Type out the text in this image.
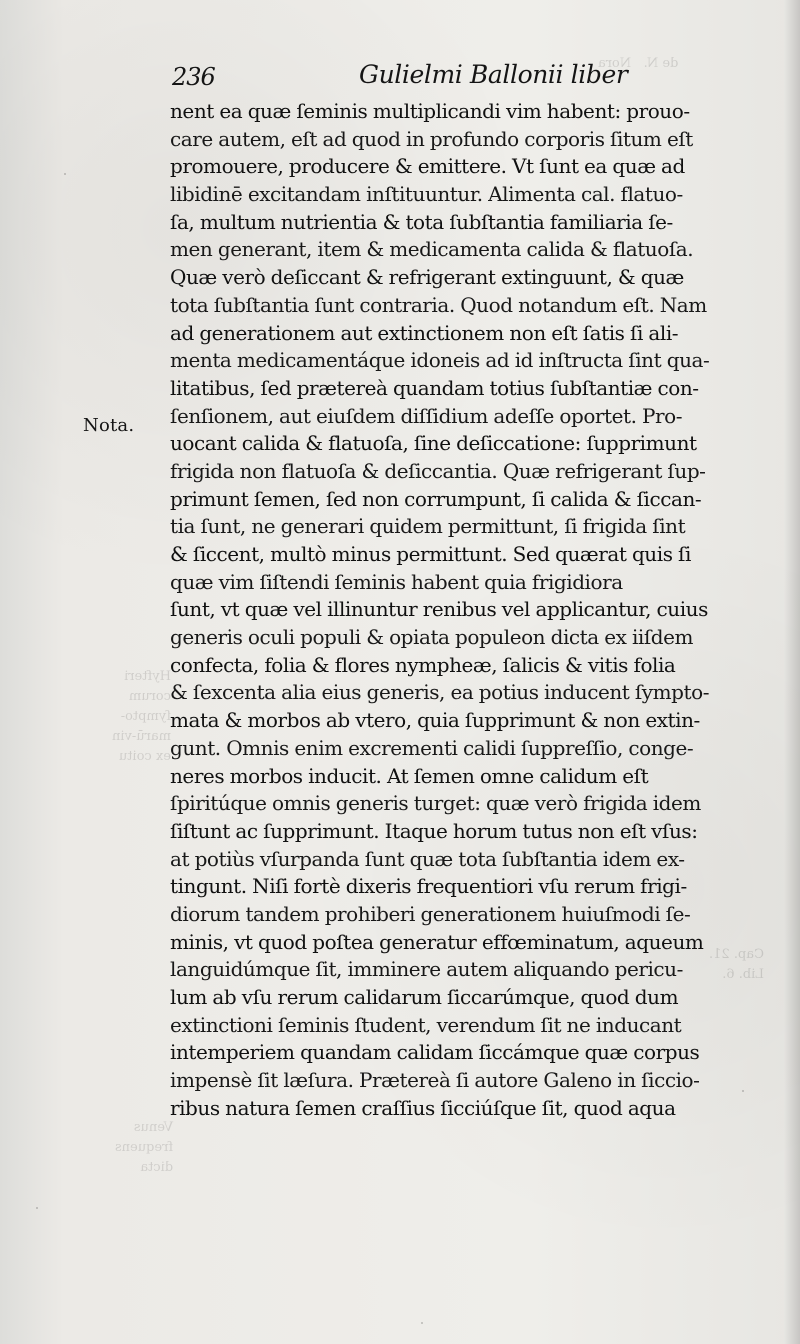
de N.   Nora
Hyfteri
corum
ſympto-
marū-vin
ex coitu
Cap. 21.
Lib. 6.
Venus
frequens
dicta
236	Gulielmi Ballonii liber
Nota.
nent ea quæ ſeminis multiplicandi vim habent: prouo-
care autem, eſt ad quod in profundo corporis ſitum eſt
promouere, producere & emittere. Vt ſunt ea quæ ad
libidinē excitandam inſtituuntur. Alimenta cal. flatuo-
ſa, multum nutrientia & tota ſubſtantia familiaria ſe-
men generant, item & medicamenta calida & flatuoſa.
Quæ verò deſiccant & refrigerant extinguunt, & quæ
tota ſubſtantia ſunt contraria. Quod notandum eſt. Nam
ad generationem aut extinctionem non eſt ſatis ſi ali-
menta medicamentáque idoneis ad id inſtructa ſint qua-
litatibus, ſed prætereà quandam totius ſubſtantiæ con-
ſenſionem, aut eiuſdem diſſidium adeſſe oportet. Pro-
uocant calida & flatuoſa, ſine deſiccatione: ſupprimunt
frigida non flatuoſa & deſiccantia. Quæ refrigerant ſup-
primunt ſemen, ſed non corrumpunt, ſi calida & ſiccan-
tia ſunt, ne generari quidem permittunt, ſi frigida ſint
& ſiccent, multò minus permittunt. Sed quærat quis ſi
quæ vim ſiſtendi ſeminis habent quia frigidiora
ſunt, vt quæ vel illinuntur renibus vel applicantur, cuius
generis oculi populi & opiata populeon dicta ex iiſdem
confecta, folia & flores nympheæ, ſalicis & vitis folia
& ſexcenta alia eius generis, ea potius inducent ſympto-
mata & morbos ab vtero, quia ſupprimunt & non extin-
gunt. Omnis enim excrementi calidi ſuppreſſio, conge-
neres morbos inducit. At ſemen omne calidum eſt
ſpiritúque omnis generis turget: quæ verò frigida idem
ſiſtunt ac ſupprimunt. Itaque horum tutus non eſt vſus:
at potiùs vſurpanda ſunt quæ tota ſubſtantia idem ex-
tingunt. Niſi fortè dixeris frequentiori vſu rerum frigi-
diorum tandem prohiberi generationem huiuſmodi ſe-
minis, vt quod poſtea generatur effœminatum, aqueum
languidúmque ſit, imminere autem aliquando pericu-
lum ab vſu rerum calidarum ſiccarúmque, quod dum
extinctioni ſeminis ſtudent, verendum ſit ne inducant
intemperiem quandam calidam ſiccámque quæ corpus
impensè ſit læſura. Prætereà ſi autore Galeno in ſiccio-
ribus natura ſemen craſſius ſicciúſque ſit, quod aqua
